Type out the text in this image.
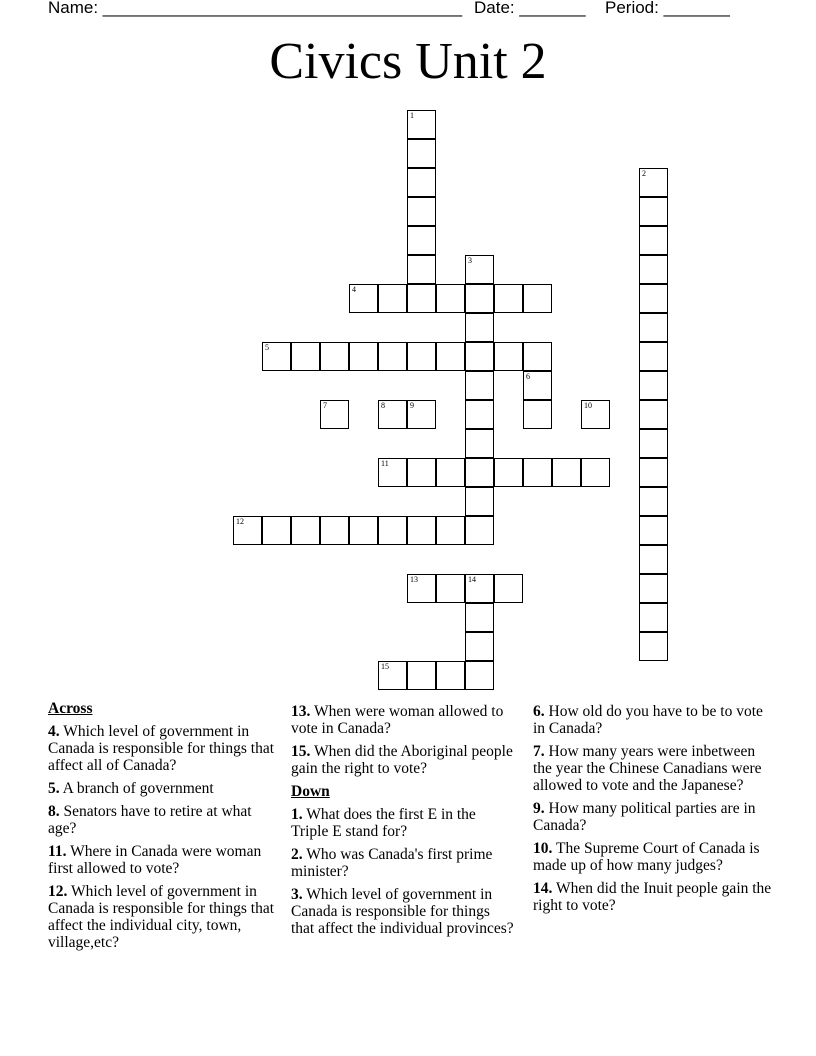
Name: ______________________________________ Date: _______ Period: _______
Civics Unit 2
1
2
3
4
5
6
7	8	9	10
11
12
13	14
15
Across
4. Which level of government in Canada is responsible for things that affect all of Canada?
5. A branch of government
8. Senators have to retire at what age?
11. Where in Canada were woman first allowed to vote?
12. Which level of government in Canada is responsible for things that affect the individual city, town, village,etc?
13. When were woman allowed to vote in Canada?
15. When did the Aboriginal people gain the right to vote?
Down
1. What does the first E in the Triple E stand for?
2. Who was Canada's first prime minister?
3. Which level of government in Canada is responsible for things that affect the individual provinces?
6. How old do you have to be to vote in Canada?
7. How many years were inbetween the year the Chinese Canadians were allowed to vote and the Japanese?
9. How many political parties are in Canada?
10. The Supreme Court of Canada is made up of how many judges?
14. When did the Inuit people gain the right to vote?
